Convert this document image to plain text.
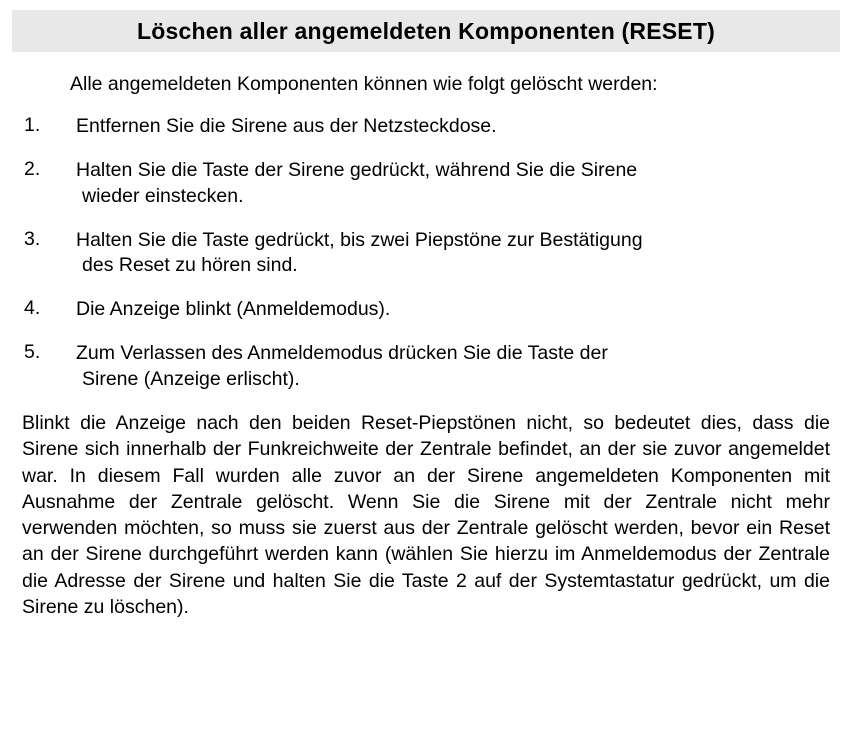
Löschen aller angemeldeten Komponenten (RESET)
Alle angemeldeten Komponenten können wie folgt gelöscht werden:
1.	Entfernen Sie die Sirene aus der Netzsteckdose.
2.	Halten Sie die Taste der Sirene gedrückt, während Sie die Sirene
wieder einstecken.
3.	Halten Sie die Taste gedrückt, bis zwei Piepstöne zur Bestätigung
des Reset zu hören sind.
4.	Die Anzeige blinkt (Anmeldemodus).
5.	Zum Verlassen des Anmeldemodus drücken Sie die Taste der
Sirene (Anzeige erlischt).

Blinkt die Anzeige nach den beiden Reset-Piepstönen nicht, so bedeutet dies, dass die Sirene sich innerhalb der Funkreichweite der Zentrale befindet, an der sie zuvor angemeldet war. In diesem Fall wurden alle zuvor an der Sirene angemeldeten Komponenten mit Ausnahme der Zentrale gelöscht. Wenn Sie die Sirene mit der Zentrale nicht mehr verwenden möchten, so muss sie zuerst aus der Zentrale gelöscht werden, bevor ein Reset an der Sirene durchgeführt werden kann (wählen Sie hierzu im Anmeldemodus der Zentrale die Adresse der Sirene und halten Sie die Taste 2 auf der Systemtastatur gedrückt, um die Sirene zu löschen).
